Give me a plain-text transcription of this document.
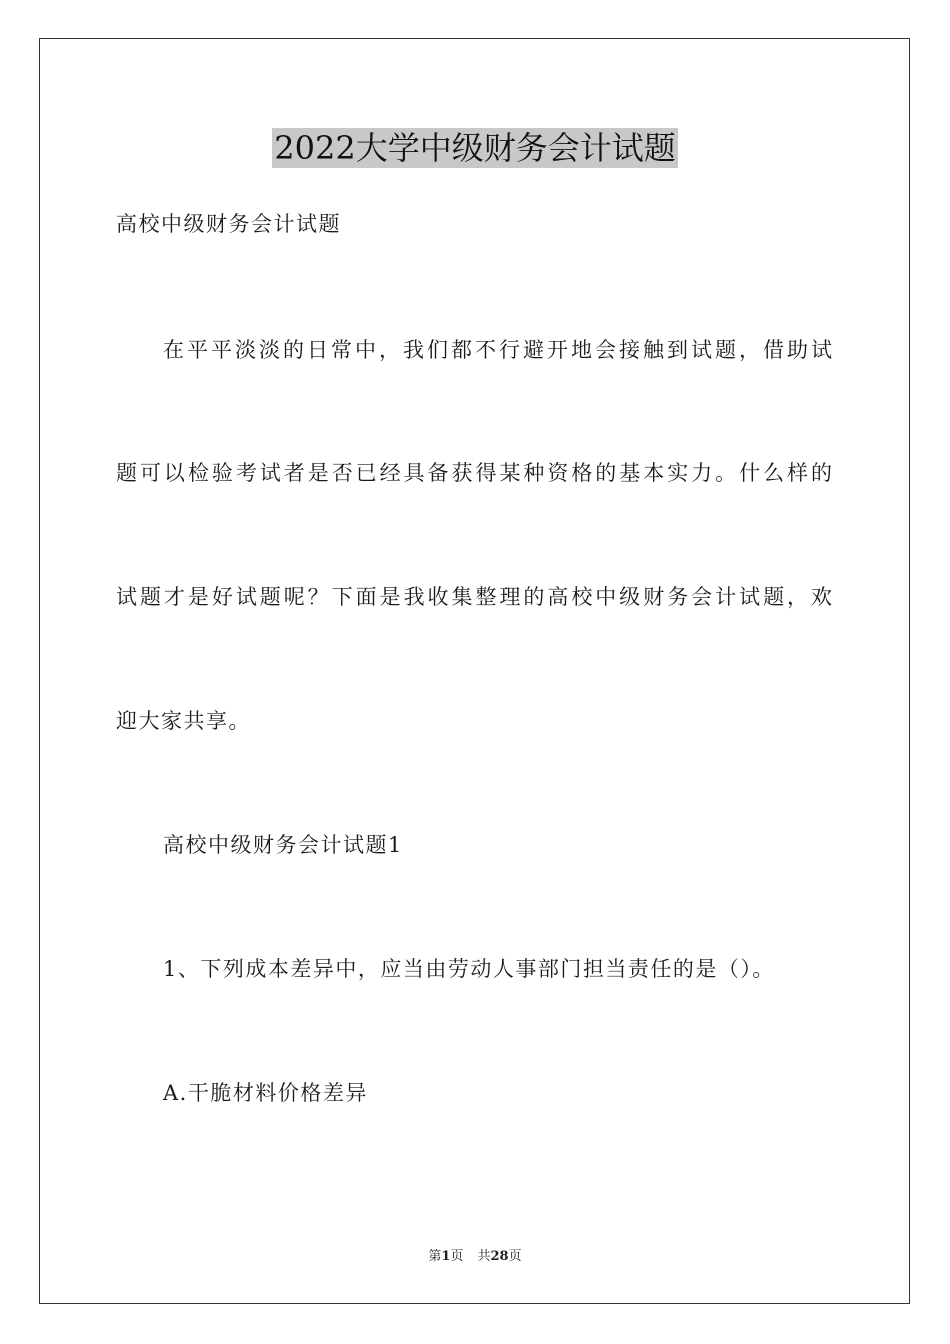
2022大学中级财务会计试题
高校中级财务会计试题
在平平淡淡的日常中，我们都不行避开地会接触到试题，借助试
题可以检验考试者是否已经具备获得某种资格的基本实力。什么样的
试题才是好试题呢？下面是我收集整理的高校中级财务会计试题，欢
迎大家共享。
高校中级财务会计试题1
1、下列成本差异中，应当由劳动人事部门担当责任的是（）。
A.干脆材料价格差异
第1页 共28页
